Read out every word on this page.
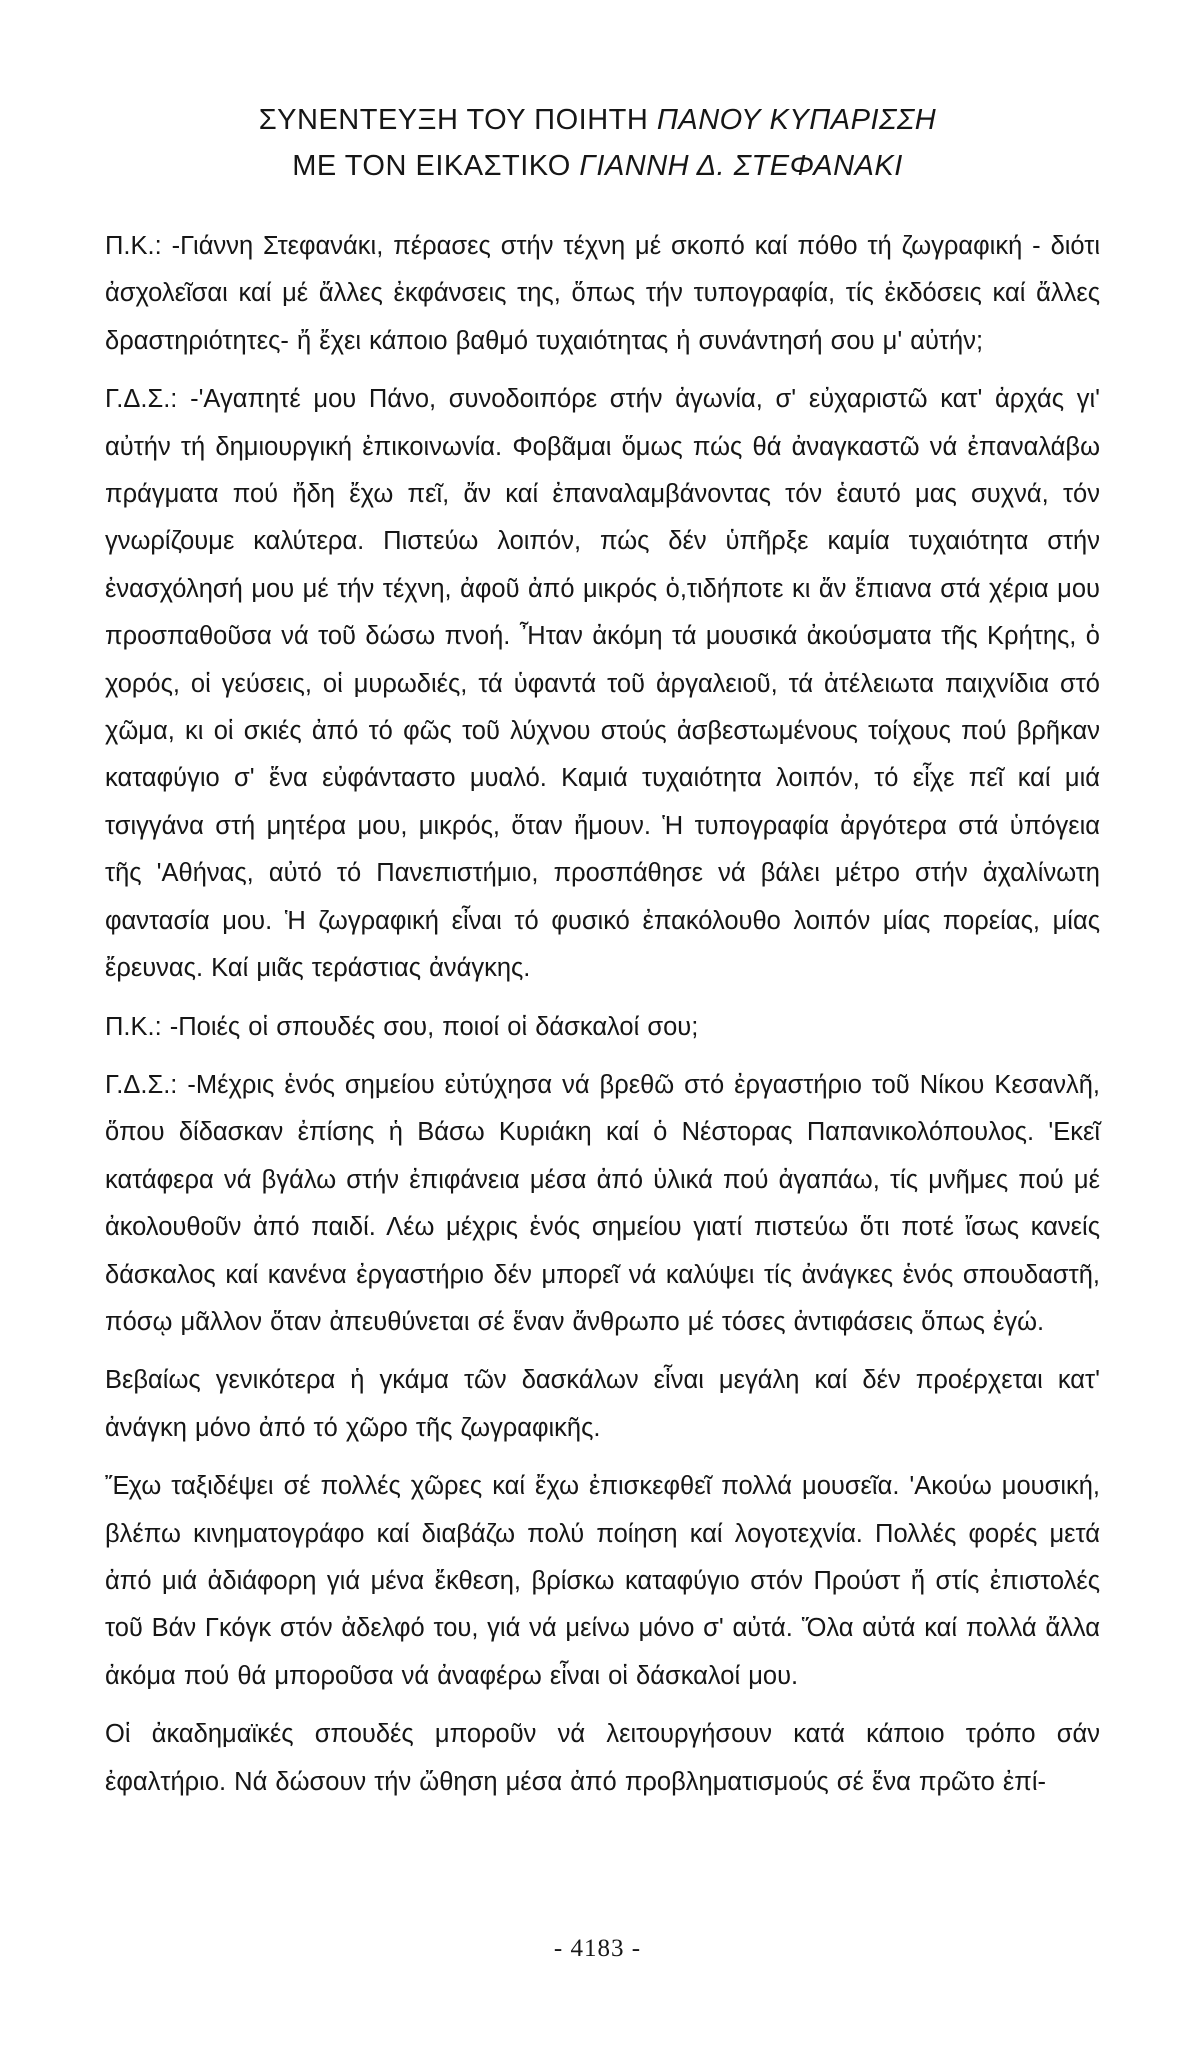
ΣΥΝΕΝΤΕΥΞΗ ΤΟΥ ΠΟΙΗΤΗ ΠΑΝΟΥ ΚΥΠΑΡΙΣΣΗ
ΜΕ ΤΟΝ ΕΙΚΑΣΤΙΚΟ ΓΙΑΝΝΗ Δ. ΣΤΕΦΑΝΑΚΙ

Π.Κ.: -Γιάννη Στεφανάκι, πέρασες στήν τέχνη μέ σκοπό καί πόθο τή ζωγραφική - διότι ἀσχολεῖσαι καί μέ ἄλλες ἐκφάνσεις της, ὅπως τήν τυπογραφία, τίς ἐκδόσεις καί ἄλλες δραστηριότητες- ἤ ἔχει κάποιο βαθμό τυχαιότητας ἡ συνάντησή σου μ' αὐτήν;

Γ.Δ.Σ.: -'Αγαπητέ μου Πάνο, συνοδοιπόρε στήν ἀγωνία, σ' εὐχαριστῶ κατ' ἀρχάς γι' αὐτήν τή δημιουργική ἐπικοινωνία. Φοβᾶμαι ὅμως πώς θά ἀναγκαστῶ νά ἐπαναλάβω πράγματα πού ἤδη ἔχω πεῖ, ἄν καί ἐπαναλαμβάνοντας τόν ἑαυτό μας συχνά, τόν γνωρίζουμε καλύτερα. Πιστεύω λοιπόν, πώς δέν ὑπῆρξε καμία τυχαιότητα στήν ἐνασχόλησή μου μέ τήν τέχνη, ἀφοῦ ἀπό μικρός ὁ,τιδήποτε κι ἄν ἔπιανα στά χέρια μου προσπαθοῦσα νά τοῦ δώσω πνοή. Ἦταν ἀκόμη τά μουσικά ἀκούσματα τῆς Κρήτης, ὁ χορός, οἱ γεύσεις, οἱ μυρωδιές, τά ὑφαντά τοῦ ἀργαλειοῦ, τά ἀτέλειωτα παιχνίδια στό χῶμα, κι οἱ σκιές ἀπό τό φῶς τοῦ λύχνου στούς ἀσβεστωμένους τοίχους πού βρῆκαν καταφύγιο σ' ἕνα εὐφάνταστο μυαλό. Καμιά τυχαιότητα λοιπόν, τό εἶχε πεῖ καί μιά τσιγγάνα στή μητέρα μου, μικρός, ὅταν ἤμουν. Ἡ τυπογραφία ἀργότερα στά ὑπόγεια τῆς 'Αθήνας, αὐτό τό Πανεπιστήμιο, προσπάθησε νά βάλει μέτρο στήν ἀχαλίνωτη φαντασία μου. Ἡ ζωγραφική εἶναι τό φυσικό ἐπακόλουθο λοιπόν μίας πορείας, μίας ἔρευνας. Καί μιᾶς τεράστιας ἀνάγκης.

Π.Κ.: -Ποιές οἱ σπουδές σου, ποιοί οἱ δάσκαλοί σου;

Γ.Δ.Σ.: -Μέχρις ἑνός σημείου εὐτύχησα νά βρεθῶ στό ἐργαστήριο τοῦ Νίκου Κεσανλῆ, ὅπου δίδασκαν ἐπίσης ἡ Βάσω Κυριάκη καί ὁ Νέστορας Παπανικολόπουλος. 'Εκεῖ κατάφερα νά βγάλω στήν ἐπιφάνεια μέσα ἀπό ὑλικά πού ἀγαπάω, τίς μνῆμες πού μέ ἀκολουθοῦν ἀπό παιδί. Λέω μέχρις ἑνός σημείου γιατί πιστεύω ὅτι ποτέ ἴσως κανείς δάσκαλος καί κανένα ἐργαστήριο δέν μπορεῖ νά καλύψει τίς ἀνάγκες ἑνός σπουδαστῆ, πόσῳ μᾶλλον ὅταν ἀπευθύνεται σέ ἕναν ἄνθρωπο μέ τόσες ἀντιφάσεις ὅπως ἐγώ.

Βεβαίως γενικότερα ἡ γκάμα τῶν δασκάλων εἶναι μεγάλη καί δέν προέρχεται κατ' ἀνάγκη μόνο ἀπό τό χῶρο τῆς ζωγραφικῆς.

Ἔχω ταξιδέψει σέ πολλές χῶρες καί ἔχω ἐπισκεφθεῖ πολλά μουσεῖα. 'Ακούω μουσική, βλέπω κινηματογράφο καί διαβάζω πολύ ποίηση καί λογοτεχνία. Πολλές φορές μετά ἀπό μιά ἀδιάφορη γιά μένα ἔκθεση, βρίσκω καταφύγιο στόν Προύστ ἤ στίς ἐπιστολές τοῦ Βάν Γκόγκ στόν ἀδελφό του, γιά νά μείνω μόνο σ' αὐτά. Ὅλα αὐτά καί πολλά ἄλλα ἀκόμα πού θά μποροῦσα νά ἀναφέρω εἶναι οἱ δάσκαλοί μου.

Οἱ ἀκαδημαϊκές σπουδές μποροῦν νά λειτουργήσουν κατά κάποιο τρόπο σάν ἐφαλτήριο. Νά δώσουν τήν ὤθηση μέσα ἀπό προβληματισμούς σέ ἕνα πρῶτο ἐπί-

- 4183 -
